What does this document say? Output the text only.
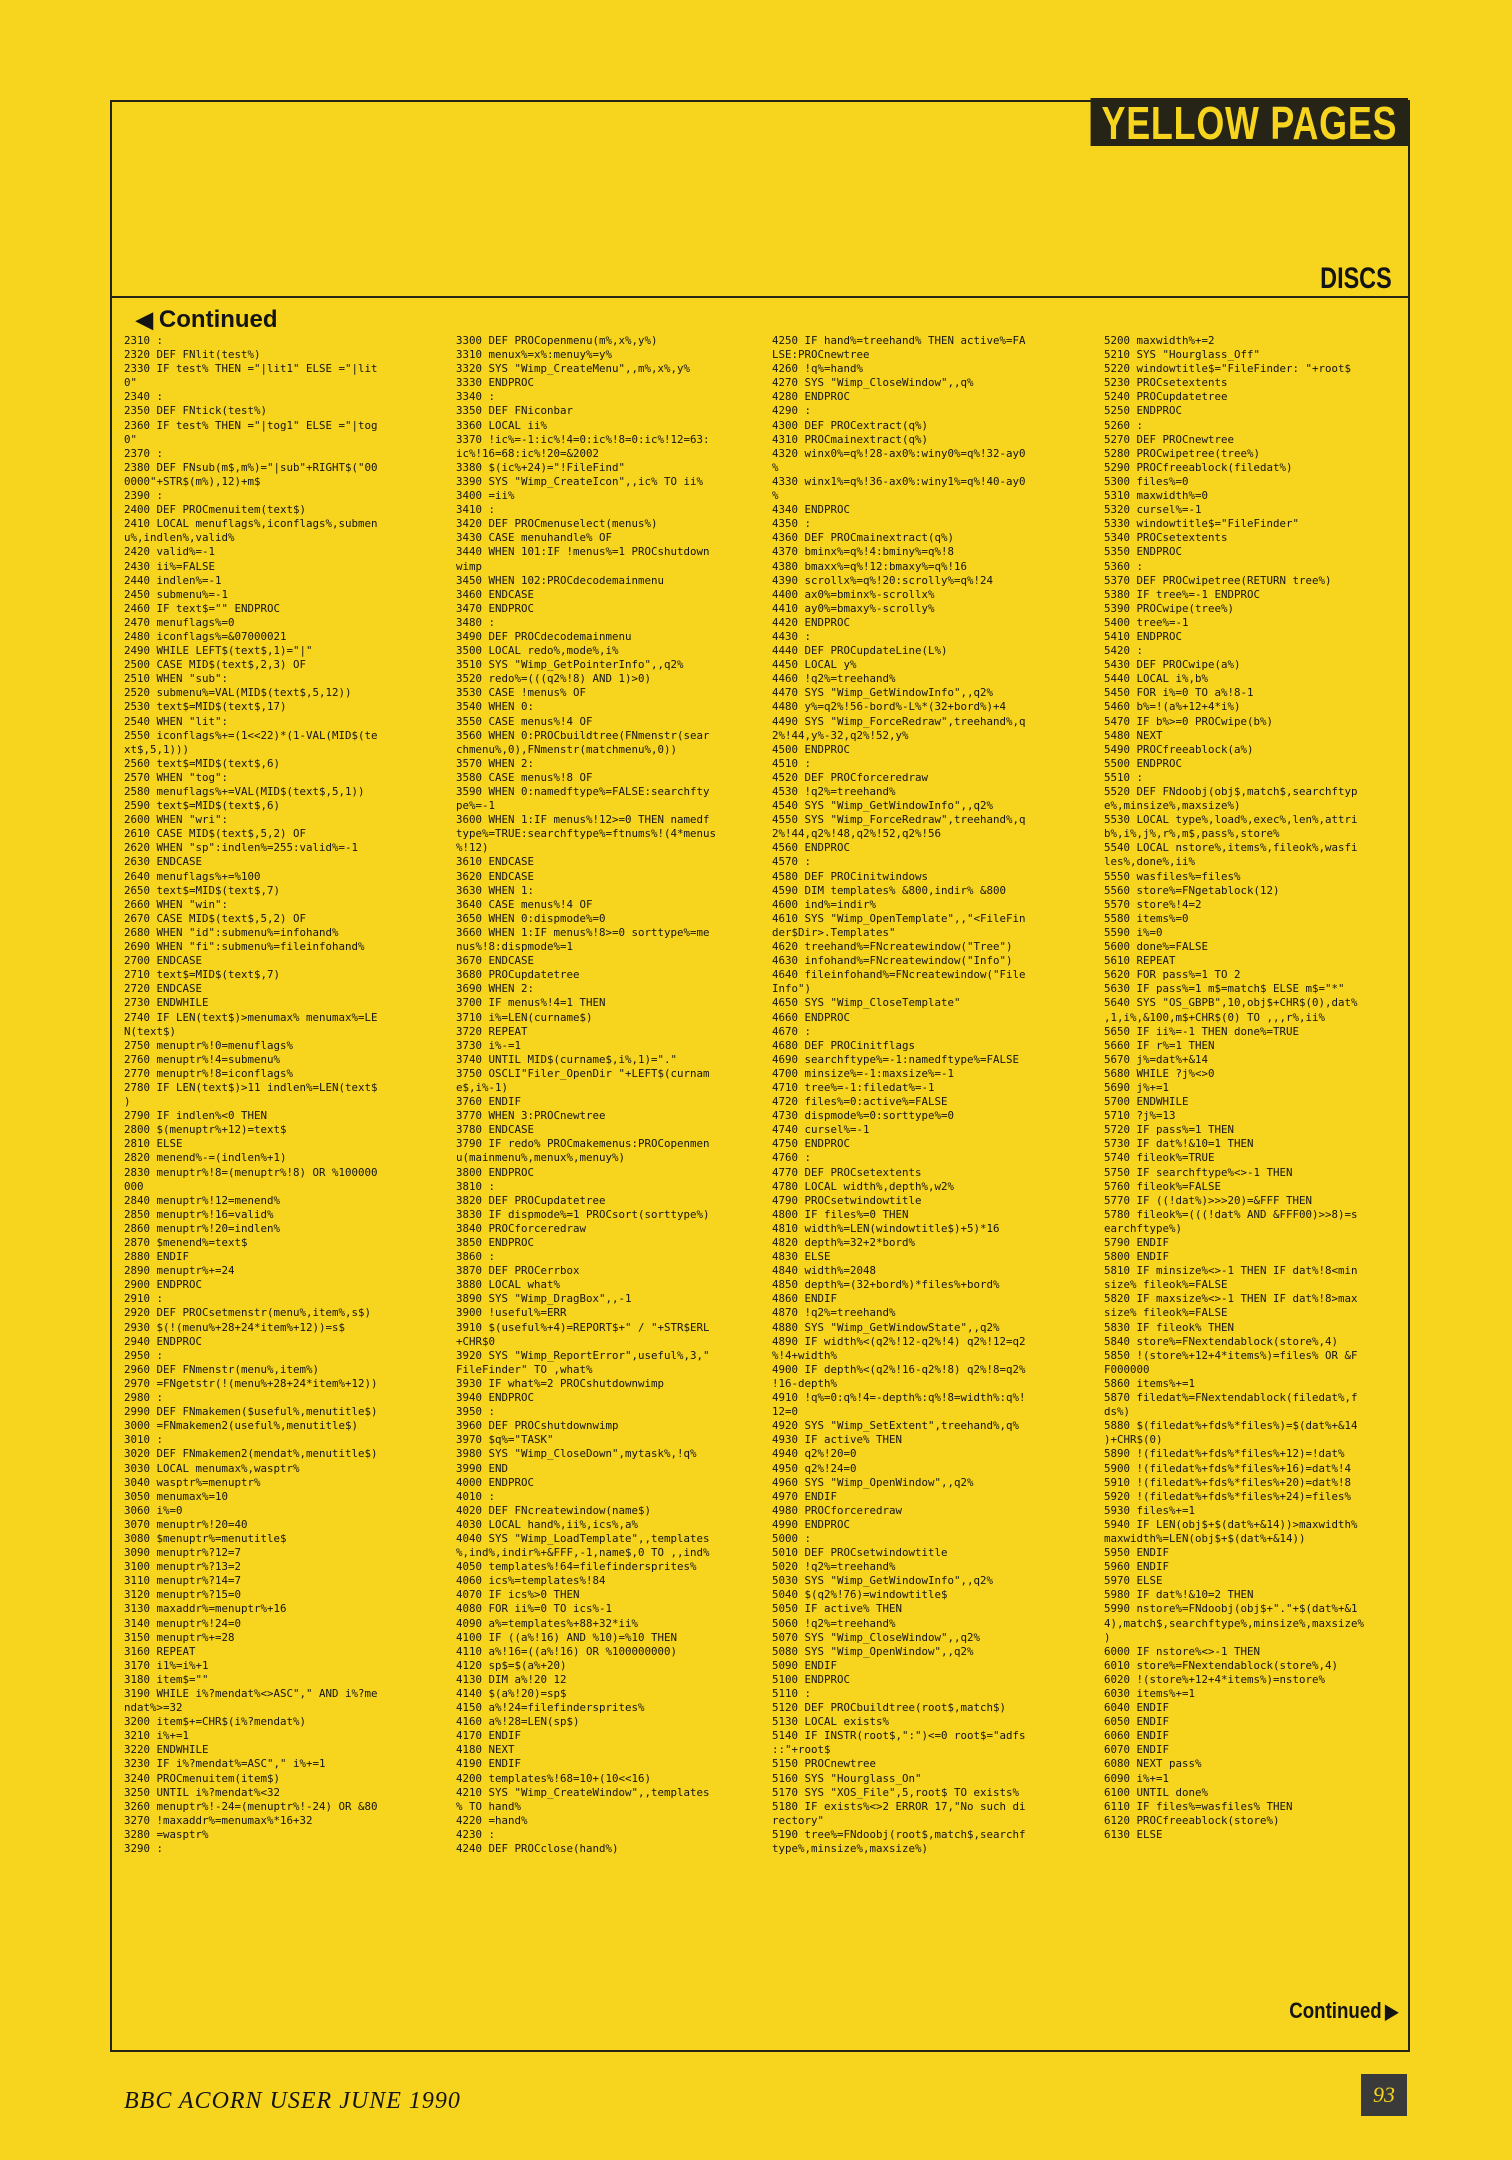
YELLOW PAGES
DISCS
◀ Continued
2310 :
2320 DEF FNlit(test%)
2330 IF test% THEN ="|lit1" ELSE ="|lit
0"
2340 :
2350 DEF FNtick(test%)
2360 IF test% THEN ="|tog1" ELSE ="|tog
0"
2370 :
2380 DEF FNsub(m$,m%)="|sub"+RIGHT$("00
0000"+STR$(m%),12)+m$
2390 :
2400 DEF PROCmenuitem(text$)
2410 LOCAL menuflags%,iconflags%,submen
u%,indlen%,valid%
2420 valid%=-1
2430 ii%=FALSE
2440 indlen%=-1
2450 submenu%=-1
2460 IF text$="" ENDPROC
2470 menuflags%=0
2480 iconflags%=&07000021
2490 WHILE LEFT$(text$,1)="|"
2500 CASE MID$(text$,2,3) OF
2510 WHEN "sub":
2520 submenu%=VAL(MID$(text$,5,12))
2530 text$=MID$(text$,17)
2540 WHEN "lit":
2550 iconflags%+=(1<<22)*(1-VAL(MID$(te
xt$,5,1)))
2560 text$=MID$(text$,6)
2570 WHEN "tog":
2580 menuflags%+=VAL(MID$(text$,5,1))
2590 text$=MID$(text$,6)
2600 WHEN "wri":
2610 CASE MID$(text$,5,2) OF
2620 WHEN "sp":indlen%=255:valid%=-1
2630 ENDCASE
2640 menuflags%+=%100
2650 text$=MID$(text$,7)
2660 WHEN "win":
2670 CASE MID$(text$,5,2) OF
2680 WHEN "id":submenu%=infohand%
2690 WHEN "fi":submenu%=fileinfohand%
2700 ENDCASE
2710 text$=MID$(text$,7)
2720 ENDCASE
2730 ENDWHILE
2740 IF LEN(text$)>menumax% menumax%=LE
N(text$)
2750 menuptr%!0=menuflags%
2760 menuptr%!4=submenu%
2770 menuptr%!8=iconflags%
2780 IF LEN(text$)>11 indlen%=LEN(text$
)
2790 IF indlen%<0 THEN
2800 $(menuptr%+12)=text$
2810 ELSE
2820 menend%-=(indlen%+1)
2830 menuptr%!8=(menuptr%!8) OR %100000
000
2840 menuptr%!12=menend%
2850 menuptr%!16=valid%
2860 menuptr%!20=indlen%
2870 $menend%=text$
2880 ENDIF
2890 menuptr%+=24
2900 ENDPROC
2910 :
2920 DEF PROCsetmenstr(menu%,item%,s$)
2930 $(!(menu%+28+24*item%+12))=s$
2940 ENDPROC
2950 :
2960 DEF FNmenstr(menu%,item%)
2970 =FNgetstr(!(menu%+28+24*item%+12))
2980 :
2990 DEF FNmakemen($useful%,menutitle$)
3000 =FNmakemen2(useful%,menutitle$)
3010 :
3020 DEF FNmakemen2(mendat%,menutitle$)
3030 LOCAL menumax%,wasptr%
3040 wasptr%=menuptr%
3050 menumax%=10
3060 i%=0
3070 menuptr%!20=40
3080 $menuptr%=menutitle$
3090 menuptr%?12=7
3100 menuptr%?13=2
3110 menuptr%?14=7
3120 menuptr%?15=0
3130 maxaddr%=menuptr%+16
3140 menuptr%!24=0
3150 menuptr%+=28
3160 REPEAT
3170 i1%=i%+1
3180 item$=""
3190 WHILE i%?mendat%<>ASC"," AND i%?me
ndat%>=32
3200 item$+=CHR$(i%?mendat%)
3210 i%+=1
3220 ENDWHILE
3230 IF i%?mendat%=ASC"," i%+=1
3240 PROCmenuitem(item$)
3250 UNTIL i%?mendat%<32
3260 menuptr%!-24=(menuptr%!-24) OR &80
3270 !maxaddr%=menumax%*16+32
3280 =wasptr%
3290 :
3300 DEF PROCopenmenu(m%,x%,y%)
3310 menux%=x%:menuy%=y%
3320 SYS "Wimp_CreateMenu",,m%,x%,y%
3330 ENDPROC
3340 :
3350 DEF FNiconbar
3360 LOCAL ii%
3370 !ic%=-1:ic%!4=0:ic%!8=0:ic%!12=63:
ic%!16=68:ic%!20=&2002
3380 $(ic%+24)="!FileFind"
3390 SYS "Wimp_CreateIcon",,ic% TO ii%
3400 =ii%
3410 :
3420 DEF PROCmenuselect(menus%)
3430 CASE menuhandle% OF
3440 WHEN 101:IF !menus%=1 PROCshutdown
wimp
3450 WHEN 102:PROCdecodemainmenu
3460 ENDCASE
3470 ENDPROC
3480 :
3490 DEF PROCdecodemainmenu
3500 LOCAL redo%,mode%,i%
3510 SYS "Wimp_GetPointerInfo",,q2%
3520 redo%=(((q2%!8) AND 1)>0)
3530 CASE !menus% OF
3540 WHEN 0:
3550 CASE menus%!4 OF
3560 WHEN 0:PROCbuildtree(FNmenstr(sear
chmenu%,0),FNmenstr(matchmenu%,0))
3570 WHEN 2:
3580 CASE menus%!8 OF
3590 WHEN 0:namedftype%=FALSE:searchfty
pe%=-1
3600 WHEN 1:IF menus%!12>=0 THEN namedf
type%=TRUE:searchftype%=ftnums%!(4*menus
%!12)
3610 ENDCASE
3620 ENDCASE
3630 WHEN 1:
3640 CASE menus%!4 OF
3650 WHEN 0:dispmode%=0
3660 WHEN 1:IF menus%!8>=0 sorttype%=me
nus%!8:dispmode%=1
3670 ENDCASE
3680 PROCupdatetree
3690 WHEN 2:
3700 IF menus%!4=1 THEN
3710 i%=LEN(curname$)
3720 REPEAT
3730 i%-=1
3740 UNTIL MID$(curname$,i%,1)="."
3750 OSCLI"Filer_OpenDir "+LEFT$(curnam
e$,i%-1)
3760 ENDIF
3770 WHEN 3:PROCnewtree
3780 ENDCASE
3790 IF redo% PROCmakemenus:PROCopenmen
u(mainmenu%,menux%,menuy%)
3800 ENDPROC
3810 :
3820 DEF PROCupdatetree
3830 IF dispmode%=1 PROCsort(sorttype%)
3840 PROCforceredraw
3850 ENDPROC
3860 :
3870 DEF PROCerrbox
3880 LOCAL what%
3890 SYS "Wimp_DragBox",,-1
3900 !useful%=ERR
3910 $(useful%+4)=REPORT$+" / "+STR$ERL
+CHR$0
3920 SYS "Wimp_ReportError",useful%,3,"
FileFinder" TO ,what%
3930 IF what%=2 PROCshutdownwimp
3940 ENDPROC
3950 :
3960 DEF PROCshutdownwimp
3970 $q%="TASK"
3980 SYS "Wimp_CloseDown",mytask%,!q%
3990 END
4000 ENDPROC
4010 :
4020 DEF FNcreatewindow(name$)
4030 LOCAL hand%,ii%,ics%,a%
4040 SYS "Wimp_LoadTemplate",,templates
%,ind%,indir%+&FFF,-1,name$,0 TO ,,ind%
4050 templates%!64=filefindersprites%
4060 ics%=templates%!84
4070 IF ics%>0 THEN
4080 FOR ii%=0 TO ics%-1
4090 a%=templates%+88+32*ii%
4100 IF ((a%!16) AND %10)=%10 THEN
4110 a%!16=((a%!16) OR %100000000)
4120 sp$=$(a%+20)
4130 DIM a%!20 12
4140 $(a%!20)=sp$
4150 a%!24=filefindersprites%
4160 a%!28=LEN(sp$)
4170 ENDIF
4180 NEXT
4190 ENDIF
4200 templates%!68=10+(10<<16)
4210 SYS "Wimp_CreateWindow",,templates
% TO hand%
4220 =hand%
4230 :
4240 DEF PROCclose(hand%)
4250 IF hand%=treehand% THEN active%=FA
LSE:PROCnewtree
4260 !q%=hand%
4270 SYS "Wimp_CloseWindow",,q%
4280 ENDPROC
4290 :
4300 DEF PROCextract(q%)
4310 PROCmainextract(q%)
4320 winx0%=q%!28-ax0%:winy0%=q%!32-ay0
%
4330 winx1%=q%!36-ax0%:winy1%=q%!40-ay0
%
4340 ENDPROC
4350 :
4360 DEF PROCmainextract(q%)
4370 bminx%=q%!4:bminy%=q%!8
4380 bmaxx%=q%!12:bmaxy%=q%!16
4390 scrollx%=q%!20:scrolly%=q%!24
4400 ax0%=bminx%-scrollx%
4410 ay0%=bmaxy%-scrolly%
4420 ENDPROC
4430 :
4440 DEF PROCupdateLine(L%)
4450 LOCAL y%
4460 !q2%=treehand%
4470 SYS "Wimp_GetWindowInfo",,q2%
4480 y%=q2%!56-bord%-L%*(32+bord%)+4
4490 SYS "Wimp_ForceRedraw",treehand%,q
2%!44,y%-32,q2%!52,y%
4500 ENDPROC
4510 :
4520 DEF PROCforceredraw
4530 !q2%=treehand%
4540 SYS "Wimp_GetWindowInfo",,q2%
4550 SYS "Wimp_ForceRedraw",treehand%,q
2%!44,q2%!48,q2%!52,q2%!56
4560 ENDPROC
4570 :
4580 DEF PROCinitwindows
4590 DIM templates% &800,indir% &800
4600 ind%=indir%
4610 SYS "Wimp_OpenTemplate",,"<FileFin
der$Dir>.Templates"
4620 treehand%=FNcreatewindow("Tree")
4630 infohand%=FNcreatewindow("Info")
4640 fileinfohand%=FNcreatewindow("File
Info")
4650 SYS "Wimp_CloseTemplate"
4660 ENDPROC
4670 :
4680 DEF PROCinitflags
4690 searchftype%=-1:namedftype%=FALSE
4700 minsize%=-1:maxsize%=-1
4710 tree%=-1:filedat%=-1
4720 files%=0:active%=FALSE
4730 dispmode%=0:sorttype%=0
4740 cursel%=-1
4750 ENDPROC
4760 :
4770 DEF PROCsetextents
4780 LOCAL width%,depth%,w2%
4790 PROCsetwindowtitle
4800 IF files%=0 THEN
4810 width%=LEN(windowtitle$)+5)*16
4820 depth%=32+2*bord%
4830 ELSE
4840 width%=2048
4850 depth%=(32+bord%)*files%+bord%
4860 ENDIF
4870 !q2%=treehand%
4880 SYS "Wimp_GetWindowState",,q2%
4890 IF width%<(q2%!12-q2%!4) q2%!12=q2
%!4+width%
4900 IF depth%<(q2%!16-q2%!8) q2%!8=q2%
!16-depth%
4910 !q%=0:q%!4=-depth%:q%!8=width%:q%!
12=0
4920 SYS "Wimp_SetExtent",treehand%,q%
4930 IF active% THEN
4940 q2%!20=0
4950 q2%!24=0
4960 SYS "Wimp_OpenWindow",,q2%
4970 ENDIF
4980 PROCforceredraw
4990 ENDPROC
5000 :
5010 DEF PROCsetwindowtitle
5020 !q2%=treehand%
5030 SYS "Wimp_GetWindowInfo",,q2%
5040 $(q2%!76)=windowtitle$
5050 IF active% THEN
5060 !q2%=treehand%
5070 SYS "Wimp_CloseWindow",,q2%
5080 SYS "Wimp_OpenWindow",,q2%
5090 ENDIF
5100 ENDPROC
5110 :
5120 DEF PROCbuildtree(root$,match$)
5130 LOCAL exists%
5140 IF INSTR(root$,":")<=0 root$="adfs
::"+root$
5150 PROCnewtree
5160 SYS "Hourglass_On"
5170 SYS "XOS_File",5,root$ TO exists%
5180 IF exists%<>2 ERROR 17,"No such di
rectory"
5190 tree%=FNdoobj(root$,match$,searchf
type%,minsize%,maxsize%)
5200 maxwidth%+=2
5210 SYS "Hourglass_Off"
5220 windowtitle$="FileFinder: "+root$
5230 PROCsetextents
5240 PROCupdatetree
5250 ENDPROC
5260 :
5270 DEF PROCnewtree
5280 PROCwipetree(tree%)
5290 PROCfreeablock(filedat%)
5300 files%=0
5310 maxwidth%=0
5320 cursel%=-1
5330 windowtitle$="FileFinder"
5340 PROCsetextents
5350 ENDPROC
5360 :
5370 DEF PROCwipetree(RETURN tree%)
5380 IF tree%=-1 ENDPROC
5390 PROCwipe(tree%)
5400 tree%=-1
5410 ENDPROC
5420 :
5430 DEF PROCwipe(a%)
5440 LOCAL i%,b%
5450 FOR i%=0 TO a%!8-1
5460 b%=!(a%+12+4*i%)
5470 IF b%>=0 PROCwipe(b%)
5480 NEXT
5490 PROCfreeablock(a%)
5500 ENDPROC
5510 :
5520 DEF FNdoobj(obj$,match$,searchftyp
e%,minsize%,maxsize%)
5530 LOCAL type%,load%,exec%,len%,attri
b%,i%,j%,r%,m$,pass%,store%
5540 LOCAL nstore%,items%,fileok%,wasfi
les%,done%,ii%
5550 wasfiles%=files%
5560 store%=FNgetablock(12)
5570 store%!4=2
5580 items%=0
5590 i%=0
5600 done%=FALSE
5610 REPEAT
5620 FOR pass%=1 TO 2
5630 IF pass%=1 m$=match$ ELSE m$="*"
5640 SYS "OS_GBPB",10,obj$+CHR$(0),dat%
,1,i%,&100,m$+CHR$(0) TO ,,,r%,ii%
5650 IF ii%=-1 THEN done%=TRUE
5660 IF r%=1 THEN
5670 j%=dat%+&14
5680 WHILE ?j%<>0
5690 j%+=1
5700 ENDWHILE
5710 ?j%=13
5720 IF pass%=1 THEN
5730 IF dat%!&10=1 THEN
5740 fileok%=TRUE
5750 IF searchftype%<>-1 THEN
5760 fileok%=FALSE
5770 IF ((!dat%)>>>20)=&FFF THEN
5780 fileok%=(((!dat% AND &FFF00)>>8)=s
earchftype%)
5790 ENDIF
5800 ENDIF
5810 IF minsize%<>-1 THEN IF dat%!8<min
size% fileok%=FALSE
5820 IF maxsize%<>-1 THEN IF dat%!8>max
size% fileok%=FALSE
5830 IF fileok% THEN
5840 store%=FNextendablock(store%,4)
5850 !(store%+12+4*items%)=files% OR &F
F000000
5860 items%+=1
5870 filedat%=FNextendablock(filedat%,f
ds%)
5880 $(filedat%+fds%*files%)=$(dat%+&14
)+CHR$(0)
5890 !(filedat%+fds%*files%+12)=!dat%
5900 !(filedat%+fds%*files%+16)=dat%!4
5910 !(filedat%+fds%*files%+20)=dat%!8
5920 !(filedat%+fds%*files%+24)=files%
5930 files%+=1
5940 IF LEN(obj$+$(dat%+&14))>maxwidth%
maxwidth%=LEN(obj$+$(dat%+&14))
5950 ENDIF
5960 ENDIF
5970 ELSE
5980 IF dat%!&10=2 THEN
5990 nstore%=FNdoobj(obj$+"."+$(dat%+&1
4),match$,searchftype%,minsize%,maxsize%
)
6000 IF nstore%<>-1 THEN
6010 store%=FNextendablock(store%,4)
6020 !(store%+12+4*items%)=nstore%
6030 items%+=1
6040 ENDIF
6050 ENDIF
6060 ENDIF
6070 ENDIF
6080 NEXT pass%
6090 i%+=1
6100 UNTIL done%
6110 IF files%=wasfiles% THEN
6120 PROCfreeablock(store%)
6130 ELSE
Continued ▶
BBC ACORN USER JUNE 1990	93
